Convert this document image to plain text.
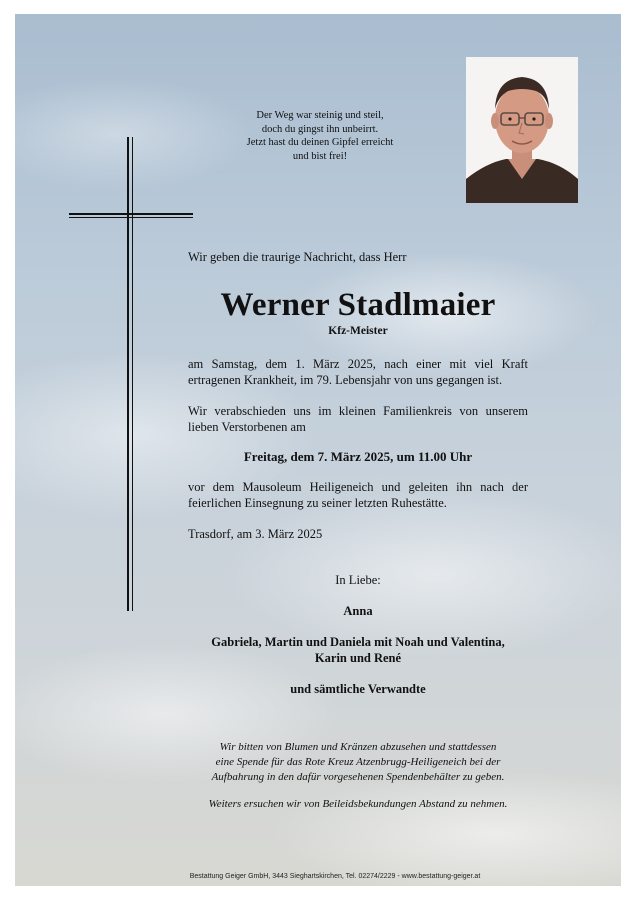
Der Weg war steinig und steil,
doch du gingst ihn unbeirrt.
Jetzt hast du deinen Gipfel erreicht
und bist frei!

Wir geben die traurige Nachricht, dass Herr

Werner Stadlmaier
Kfz-Meister

am Samstag, dem 1. März 2025, nach einer mit viel Kraft ertragenen Krankheit, im 79. Lebensjahr von uns gegangen ist.

Wir verabschieden uns im kleinen Familienkreis von unserem lieben Verstorbenen am

Freitag, dem 7. März 2025, um 11.00 Uhr

vor dem Mausoleum Heiligeneich und geleiten ihn nach der feierlichen Einsegnung zu seiner letzten Ruhestätte.

Trasdorf, am 3. März 2025

In Liebe:

Anna

Gabriela, Martin und Daniela mit Noah und Valentina,

Karin und René

und sämtliche Verwandte

Wir bitten von Blumen und Kränzen abzusehen und stattdessen

eine Spende für das Rote Kreuz Atzenbrugg-Heiligeneich bei der

Aufbahrung in den dafür vorgesehenen Spendenbehälter zu geben.

Weiters ersuchen wir von Beileidsbekundungen Abstand zu nehmen.

Bestattung Geiger GmbH, 3443 Sieghartskirchen, Tel. 02274/2229 - www.bestattung-geiger.at
